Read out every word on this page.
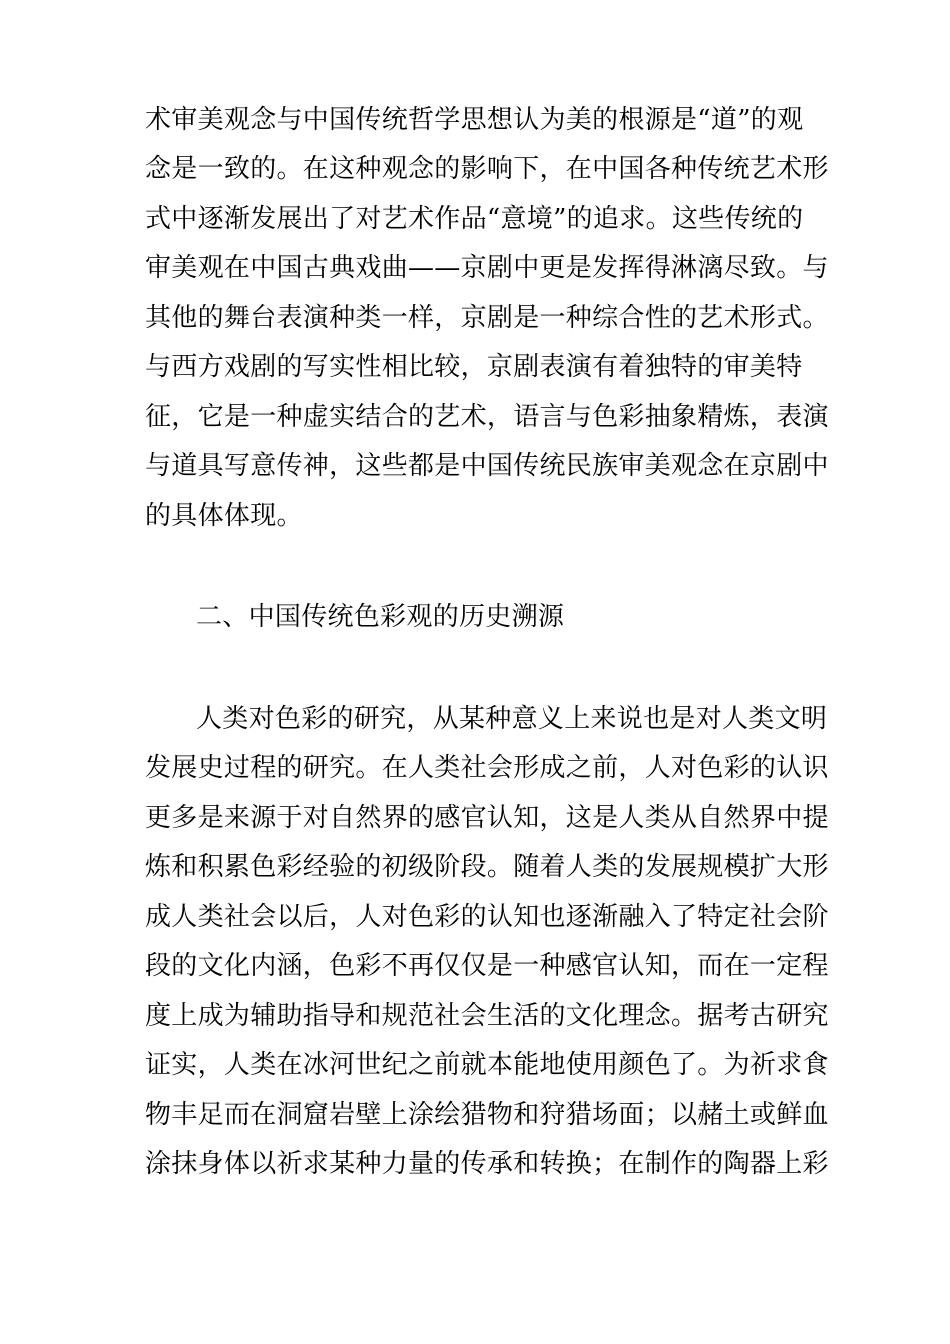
术审美观念与中国传统哲学思想认为美的根源是“道”的观
念是一致的。在这种观念的影响下，在中国各种传统艺术形
式中逐渐发展出了对艺术作品“意境”的追求。这些传统的
审美观在中国古典戏曲——京剧中更是发挥得淋漓尽致。与
其他的舞台表演种类一样，京剧是一种综合性的艺术形式。
与西方戏剧的写实性相比较，京剧表演有着独特的审美特
征，它是一种虚实结合的艺术，语言与色彩抽象精炼，表演
与道具写意传神，这些都是中国传统民族审美观念在京剧中
的具体体现。
二、中国传统色彩观的历史溯源
人类对色彩的研究，从某种意义上来说也是对人类文明
发展史过程的研究。在人类社会形成之前，人对色彩的认识
更多是来源于对自然界的感官认知，这是人类从自然界中提
炼和积累色彩经验的初级阶段。随着人类的发展规模扩大形
成人类社会以后，人对色彩的认知也逐渐融入了特定社会阶
段的文化内涵，色彩不再仅仅是一种感官认知，而在一定程
度上成为辅助指导和规范社会生活的文化理念。据考古研究
证实，人类在冰河世纪之前就本能地使用颜色了。为祈求食
物丰足而在洞窟岩壁上涂绘猎物和狩猎场面；以赭土或鲜血
涂抹身体以祈求某种力量的传承和转换；在制作的陶器上彩
